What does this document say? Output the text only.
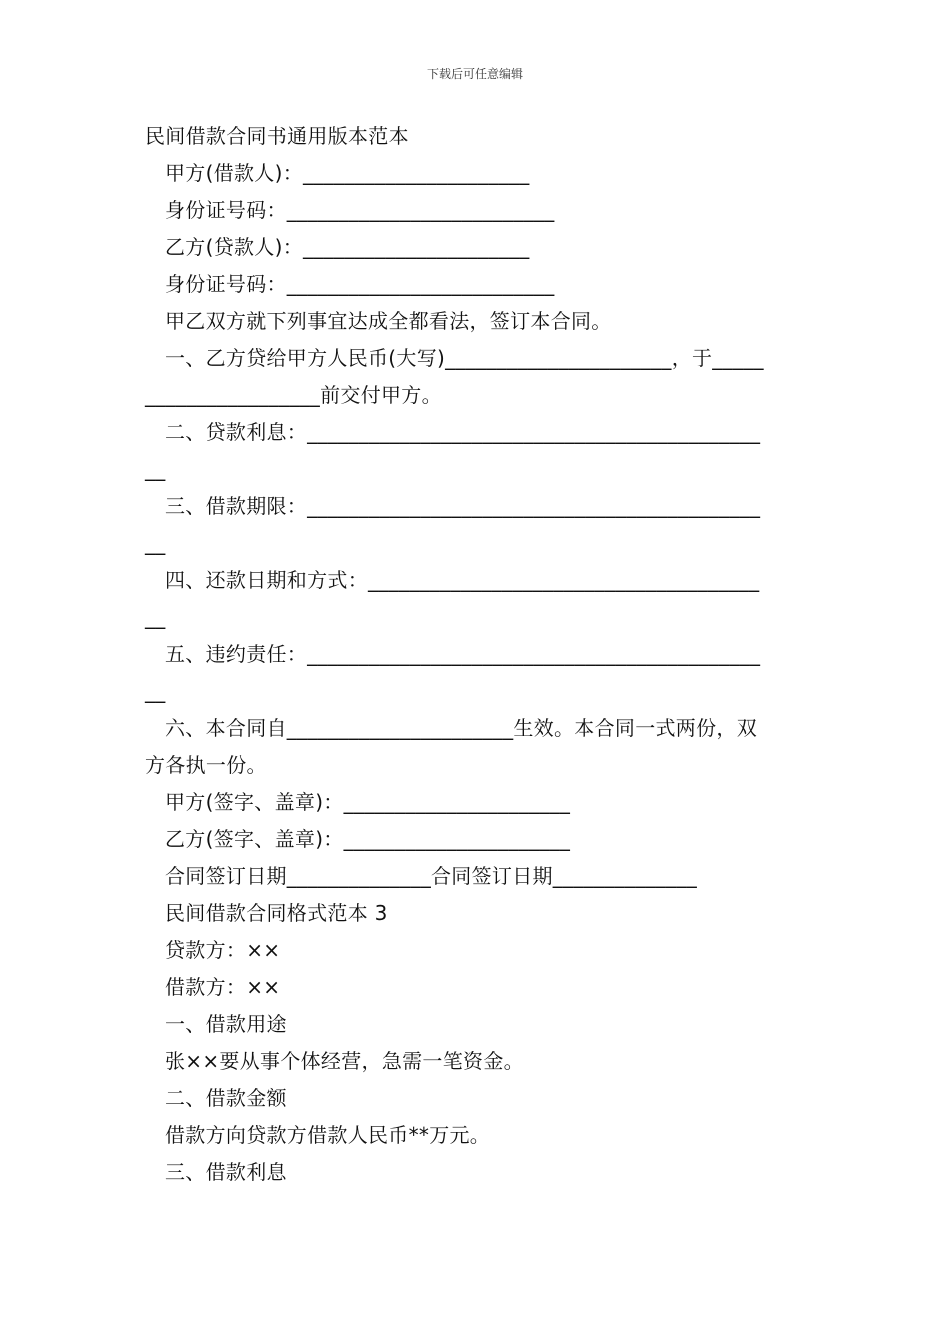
下载后可任意编辑
民间借款合同书通用版本范本
甲方(借款人)：______________________
身份证号码：__________________________
乙方(贷款人)：______________________
身份证号码：__________________________
甲乙双方就下列事宜达成全都看法，签订本合同。
一、乙方贷给甲方人民币(大写)______________________，于_____
_________________前交付甲方。
二、贷款利息：____________________________________________
__
三、借款期限：____________________________________________
__
四、还款日期和方式：______________________________________
__
五、违约责任：____________________________________________
__
六、本合同自______________________生效。本合同一式两份，双
方各执一份。
甲方(签字、盖章)：______________________
乙方(签字、盖章)：______________________
合同签订日期______________合同签订日期______________
民间借款合同格式范本 3
贷款方：××
借款方：××
一、借款用途
张××要从事个体经营，急需一笔资金。
二、借款金额
借款方向贷款方借款人民币**万元。
三、借款利息
